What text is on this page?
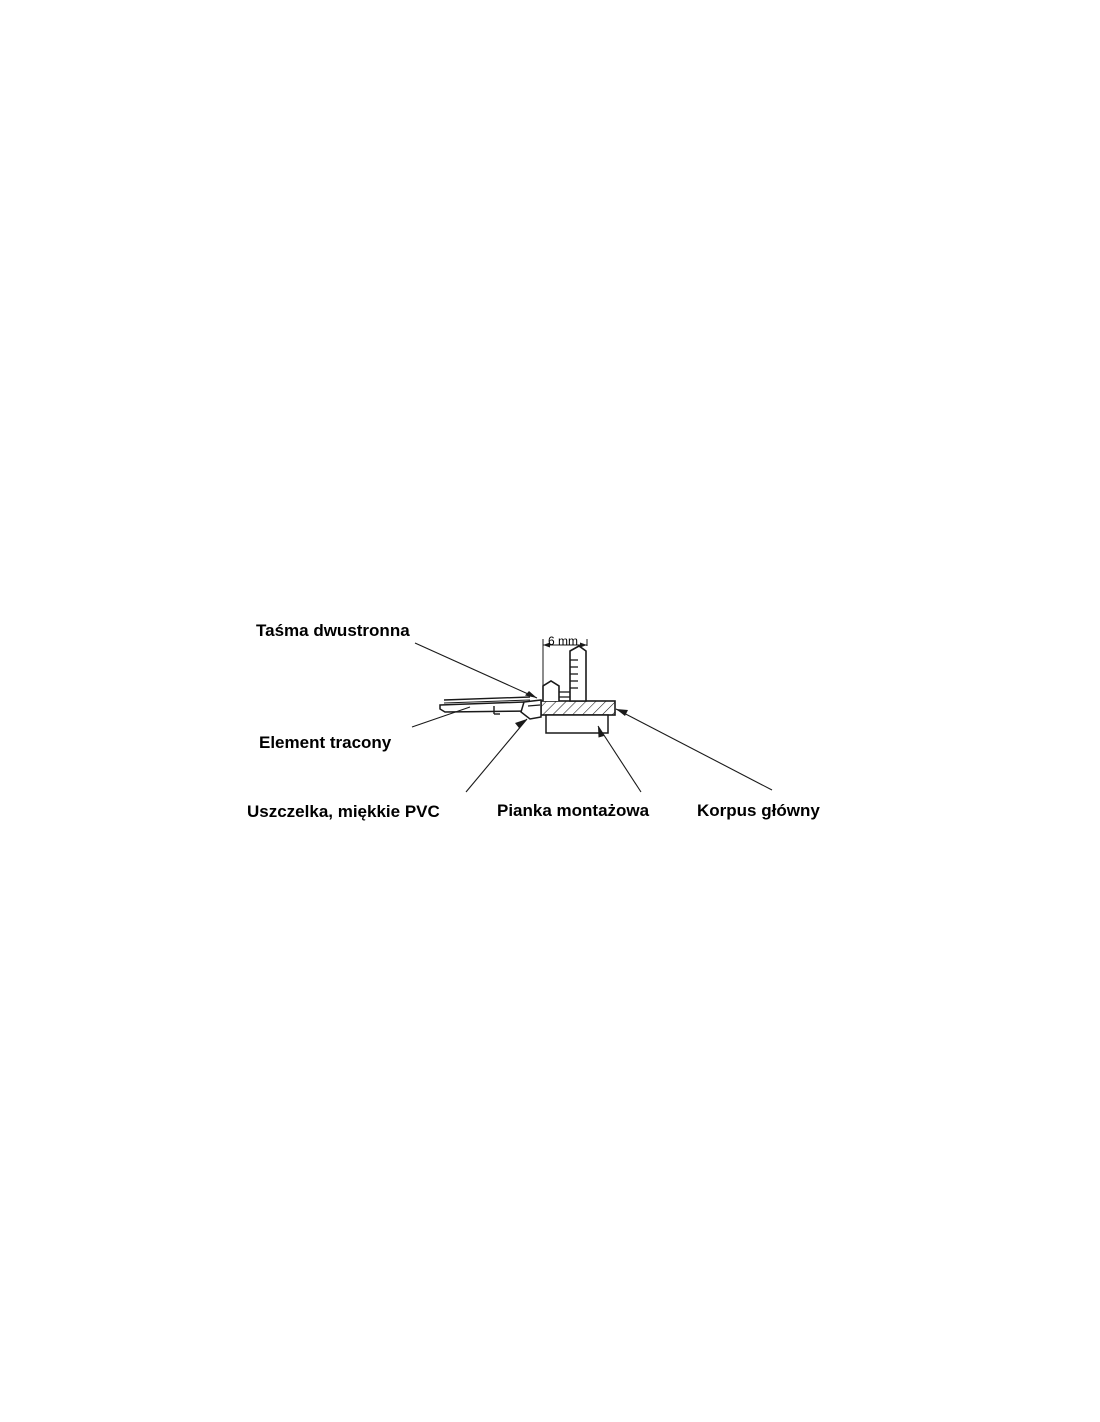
Taśma dwustronna
Element tracony
Uszczelka, miękkie PVC	Pianka montażowa	Korpus główny
6 mm
